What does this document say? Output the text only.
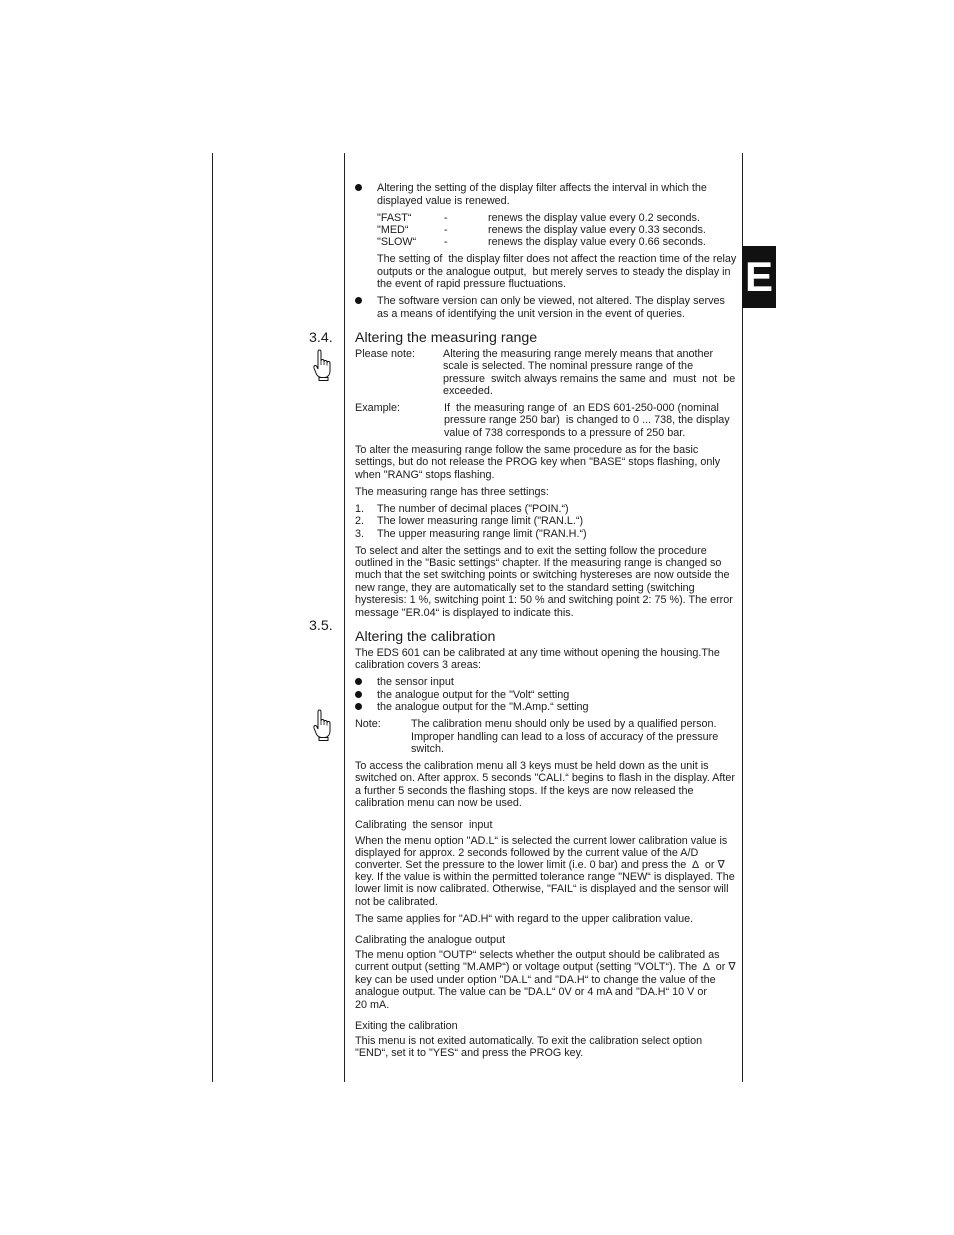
E
Altering the setting of the display filter affects the interval in which the
displayed value is renewed.
"FAST“	-	renews the display value every 0.2 seconds.
"MED“	-	renews the display value every 0.33 seconds.
"SLOW“	-	renews the display value every 0.66 seconds.
The setting of  the display filter does not affect the reaction time of the relay
outputs or the analogue output,  but merely serves to steady the display in
the event of rapid pressure fluctuations.
The software version can only be viewed, not altered. The display serves
as a means of identifying the unit version in the event of queries.
3.4. Altering the measuring range
Please note:	Altering the measuring range merely means that another
scale is selected. The nominal pressure range of the
pressure  switch always remains the same and  must  not  be
exceeded.
Example:	If  the measuring range of  an EDS 601-250-000 (nominal
pressure range 250 bar)  is changed to 0 ... 738, the display
value of 738 corresponds to a pressure of 250 bar.
To alter the measuring range follow the same procedure as for the basic
settings, but do not release the PROG key when "BASE“ stops flashing, only
when "RANG“ stops flashing.
The measuring range has three settings:
1. The number of decimal places ("POIN.“)
2. The lower measuring range limit ("RAN.L.“)
3. The upper measuring range limit ("RAN.H.“)
To select and alter the settings and to exit the setting follow the procedure
outlined in the "Basic settings“ chapter. If the measuring range is changed so
much that the set switching points or switching hystereses are now outside the
new range, they are automatically set to the standard setting (switching
hysteresis: 1 %, switching point 1: 50 % and switching point 2: 75 %). The error
message "ER.04“ is displayed to indicate this.
3.5.
Altering the calibration
The EDS 601 can be calibrated at any time without opening the housing.The
calibration covers 3 areas:
the sensor input
the analogue output for the "Volt“ setting
the analogue output for the "M.Amp.“ setting
Note:	The calibration menu should only be used by a qualified person.
Improper handling can lead to a loss of accuracy of the pressure
switch.
To access the calibration menu all 3 keys must be held down as the unit is
switched on. After approx. 5 seconds "CALI.“ begins to flash in the display. After
a further 5 seconds the flashing stops. If the keys are now released the
calibration menu can now be used.
Calibrating  the sensor  input
When the menu option "AD.L“ is selected the current lower calibration value is
displayed for approx. 2 seconds followed by the current value of the A/D
converter. Set the pressure to the lower limit (i.e. 0 bar) and press the  ∆  or ∇
key. If the value is within the permitted tolerance range "NEW“ is displayed. The
lower limit is now calibrated. Otherwise, "FAIL“ is displayed and the sensor will
not be calibrated.
The same applies for "AD.H“ with regard to the upper calibration value.
Calibrating the analogue output
The menu option "OUTP“ selects whether the output should be calibrated as
current output (setting "M.AMP“) or voltage output (setting "VOLT“). The  ∆  or ∇
key can be used under option "DA.L“ and "DA.H“ to change the value of the
analogue output. The value can be "DA.L“ 0V or 4 mA and "DA.H“ 10 V or
20 mA.
Exiting the calibration
This menu is not exited automatically. To exit the calibration select option
"END“, set it to "YES“ and press the PROG key.
